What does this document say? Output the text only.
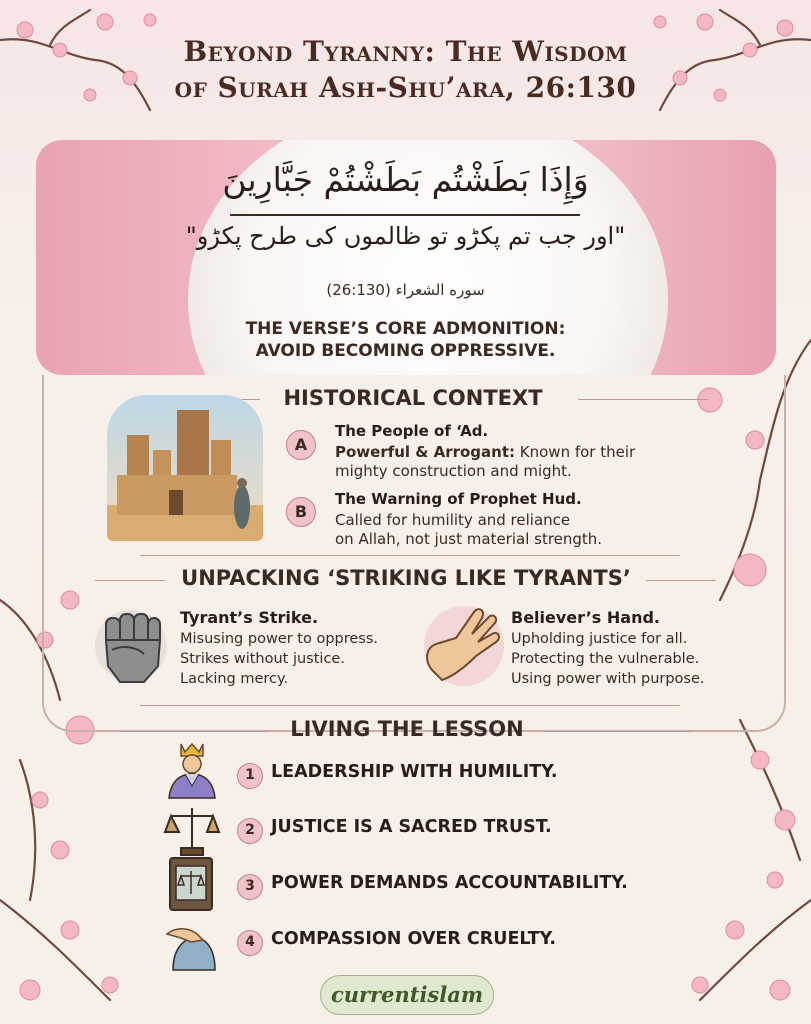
Beyond Tyranny: The Wisdom
of Surah Ash-Shu’ara, 26:130
وَإِذَا بَطَشْتُم بَطَشْتُمْ جَبَّارِينَ
"اور جب تم پکڑو تو ظالموں کی طرح پکڑو"
سوره الشعراء (26:130)
THE VERSE’S CORE ADMONITION:
AVOID BECOMING OPPRESSIVE.
HISTORICAL CONTEXT
A
The People of ‘Ad.
Powerful & Arrogant: Known for their
mighty construction and might.
B
The Warning of Prophet Hud.
Called for humility and reliance
on Allah, not just material strength.
UNPACKING ‘STRIKING LIKE TYRANTS’
Tyrant’s Strike.
Misusing power to oppress.
Strikes without justice.
Lacking mercy.
Believer’s Hand.
Upholding justice for all.
Protecting the vulnerable.
Using power with purpose.
LIVING THE LESSON
1 LEADERSHIP WITH HUMILITY.
2 JUSTICE IS A SACRED TRUST.
3 POWER DEMANDS ACCOUNTABILITY.
4 COMPASSION OVER CRUELTY.
currentislam
